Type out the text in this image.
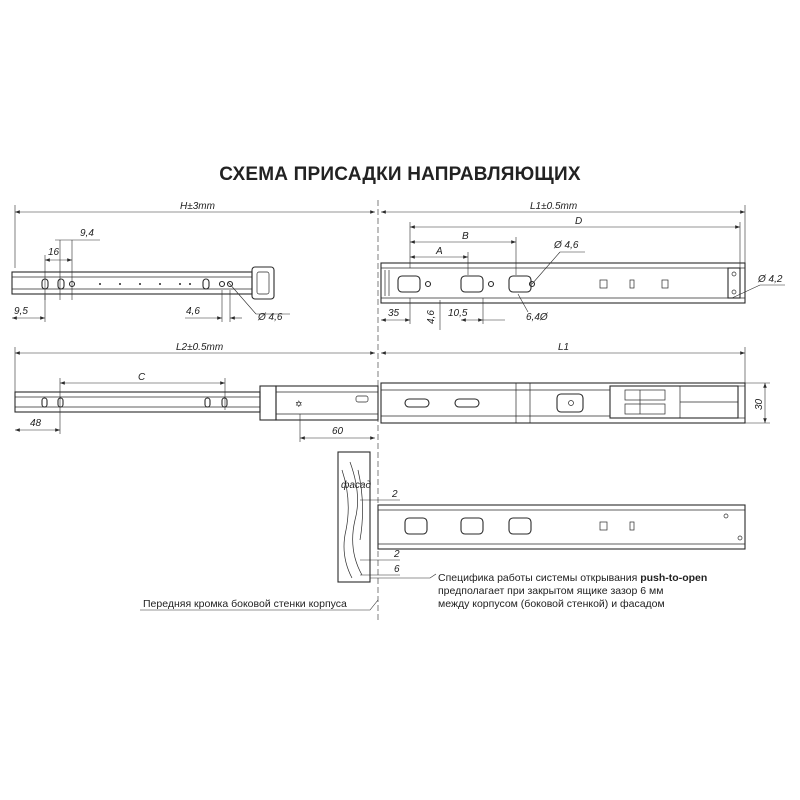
СХЕМА ПРИСАДКИ НАПРАВЛЯЮЩИХ
H±3mm
9,4
16
9,5	4,6
Ø 4,6
L1±0.5mm
D
B
A
Ø 4,6
Ø 4,2
35	4,6 10,5	6,4Ø
L2±0.5mm	L1
C
✡
48
60
30
фасад
2
2
6
Специфика работы системы открывания push-to-open
предполагает при закрытом ящике зазор 6 мм
между корпусом (боковой стенкой) и фасадом
Передняя кромка боковой стенки корпуса
